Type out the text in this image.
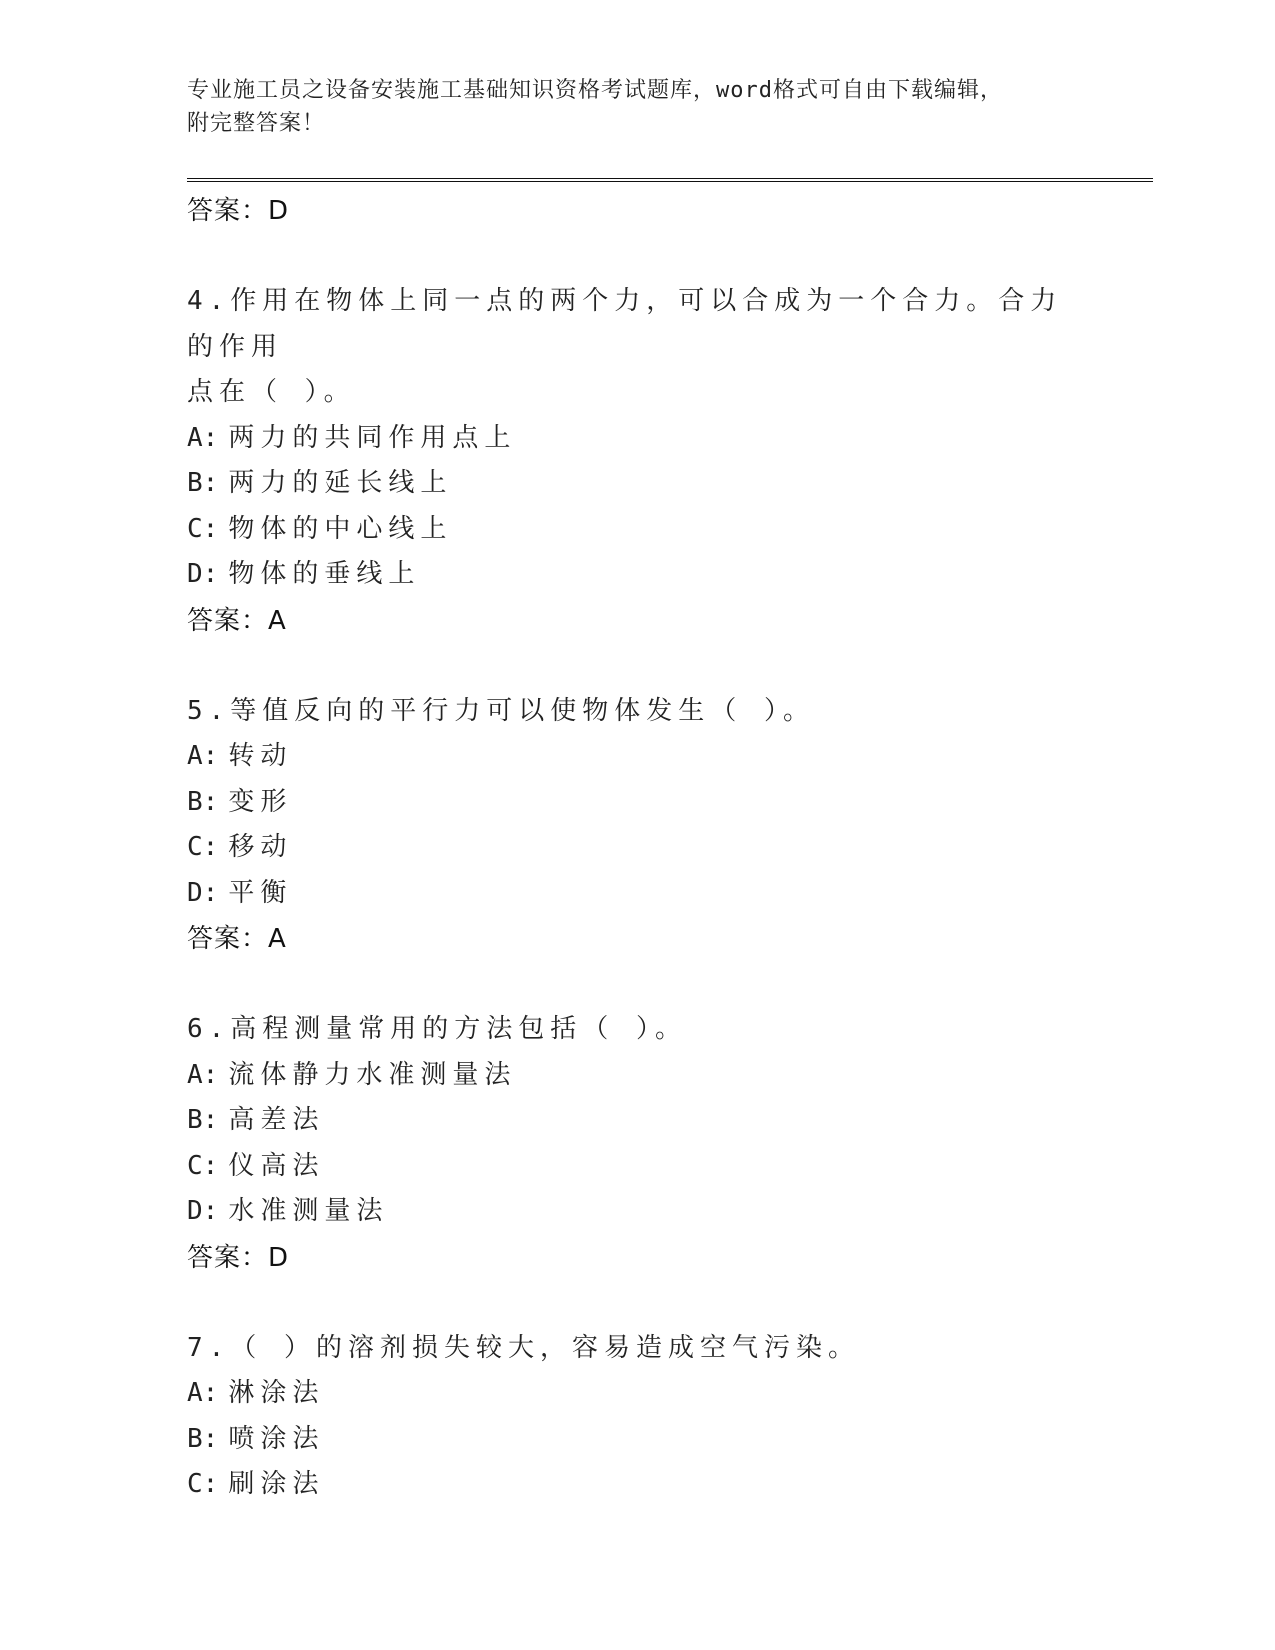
专业施工员之设备安装施工基础知识资格考试题库，word格式可自由下载编辑，
附完整答案！
答案：D
4.作用在物体上同一点的两个力，可以合成为一个合力。合力的作用
点在（ ）。
A: 两力的共同作用点上
B: 两力的延长线上
C: 物体的中心线上
D: 物体的垂线上
答案：A
5.等值反向的平行力可以使物体发生（ ）。
A: 转动
B: 变形
C: 移动
D: 平衡
答案：A
6.高程测量常用的方法包括（ ）。
A: 流体静力水准测量法
B: 高差法
C: 仪高法
D: 水准测量法
答案：D
7.（ ）的溶剂损失较大，容易造成空气污染。
A: 淋涂法
B: 喷涂法
C: 刷涂法
